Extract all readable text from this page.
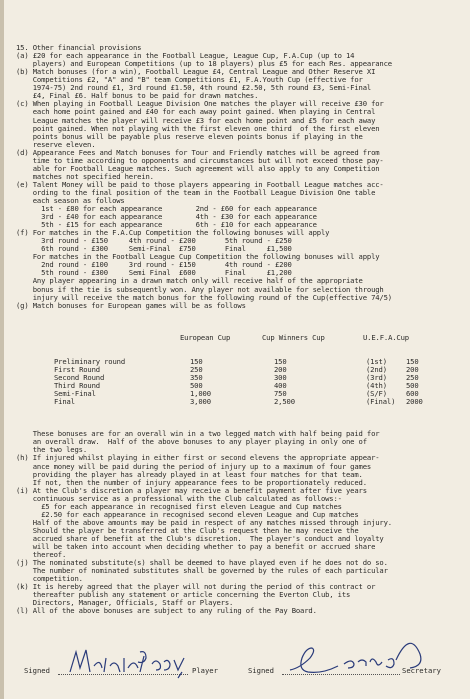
15. Other financial provisions
(a) £20 for each appearance in the Football League, League Cup, F.A.Cup (up to 14
players) and European Competitions (up to 18 players) plus £5 for each Res. appearance
(b) Match bonuses (for a win), Football League £4, Central League and Other Reserve XI
Competitions £2, "A" and "B" team Competitions £1, F.A.Youth Cup (effective for
1974-75) 2nd round £1, 3rd round £1.50, 4th round £2.50, 5th round £3, Semi-Final
£4, Final £6. Half bonus to be paid for drawn matches.
(c) When playing in Football League Division One matches the player will receive £30 for
each home point gained and £40 for each away point gained. When playing in Central
League matches the player will receive £3 for each home point and £5 for each away
point gained. When not playing with the first eleven one third  of the first eleven
points bonus will be payable plus reserve eleven points bonus if playing in the
reserve eleven.
(d) Appearance Fees and Match bonuses for Tour and Friendly matches will be agreed from
time to time according to opponents and circumstances but will not exceed those pay-
able for Football League matches. Such agreement will also apply to any Competition
matches not specified herein.
(e) Talent Money will be paid to those players appearing in Football League matches acc-
ording to the final position of the team in the Football League Division One table
each season as follows
1st - £80 for each appearance        2nd - £60 for each appearance
3rd - £40 for each appearance        4th - £30 for each appearance
5th - £15 for each appearance        6th - £10 for each appearance
(f) For matches in the F.A.Cup Competition the following bonuses will apply
3rd round - £150     4th round - £200       5th round - £250
6th round - £300     Semi-Final  £750       Final     £1,500
For matches in the Football League Cup Competition the following bonuses will apply
2nd round - £100     3rd round - £150       4th round - £200
5th round - £300     Semi Final  £600       Final     £1,200
Any player appearing in a drawn match only will receive half of the appropriate
bonus if the tie is subsequently won. Any player not available for selection through
injury will receive the match bonus for the following round of the Cup(effective 74/5)
(g) Match bonuses for European games will be as follows

European Cup

	Cup Winners Cup

	U.E.F.A.Cup

Preliminary round	150	150	(1st)	150
First Round	250	200	(2nd)	200
Second Round	350	300	(3rd)	250
Third Round	500	400	(4th)	500
Semi-Final	1,000	750	(S/F)	600
Final	3,000	2,500	(Final) 2000

These bonuses are for an overall win in a two legged match with half being paid for
an overall draw.  Half of the above bonuses to any player playing in only one of
the two legs.
(h) If injured whilst playing in either first or second elevens the appropriate appear-
ance money will be paid during the period of injury up to a maximum of four games
providing the player has already played in at least four matches for that team.
If not, then the number of injury appearance fees to be proportionately reduced.
(i) At the Club's discretion a player may receive a benefit payment after five years
continuous service as a professional with the Club calculated as follows:-
£5 for each appearance in recognised first eleven League and Cup matches
£2.50 for each appearance in recognised second eleven League and Cup matches
Half of the above amounts may be paid in respect of any matches missed through injury.
Should the player be transferred at the Club's request then he may receive the
accrued share of benefit at the Club's discretion.  The player's conduct and loyalty
will be taken into account when deciding whether to pay a benefit or accrued share
thereof.
(j) The nominated substitute(s) shall be deemed to have played even if he does not do so.
The number of nominated substitutes shall be governed by the rules of each particular
competition.
(k) It is hereby agreed that the player will not during the period of this contract or
thereafter publish any statement or article concerning the Everton Club, its
Directors, Manager, Officials, Staff or Players.
(l) All of the above bonuses are subject to any ruling of the Pay Board.

Signed	Player	Signed	Secretary
